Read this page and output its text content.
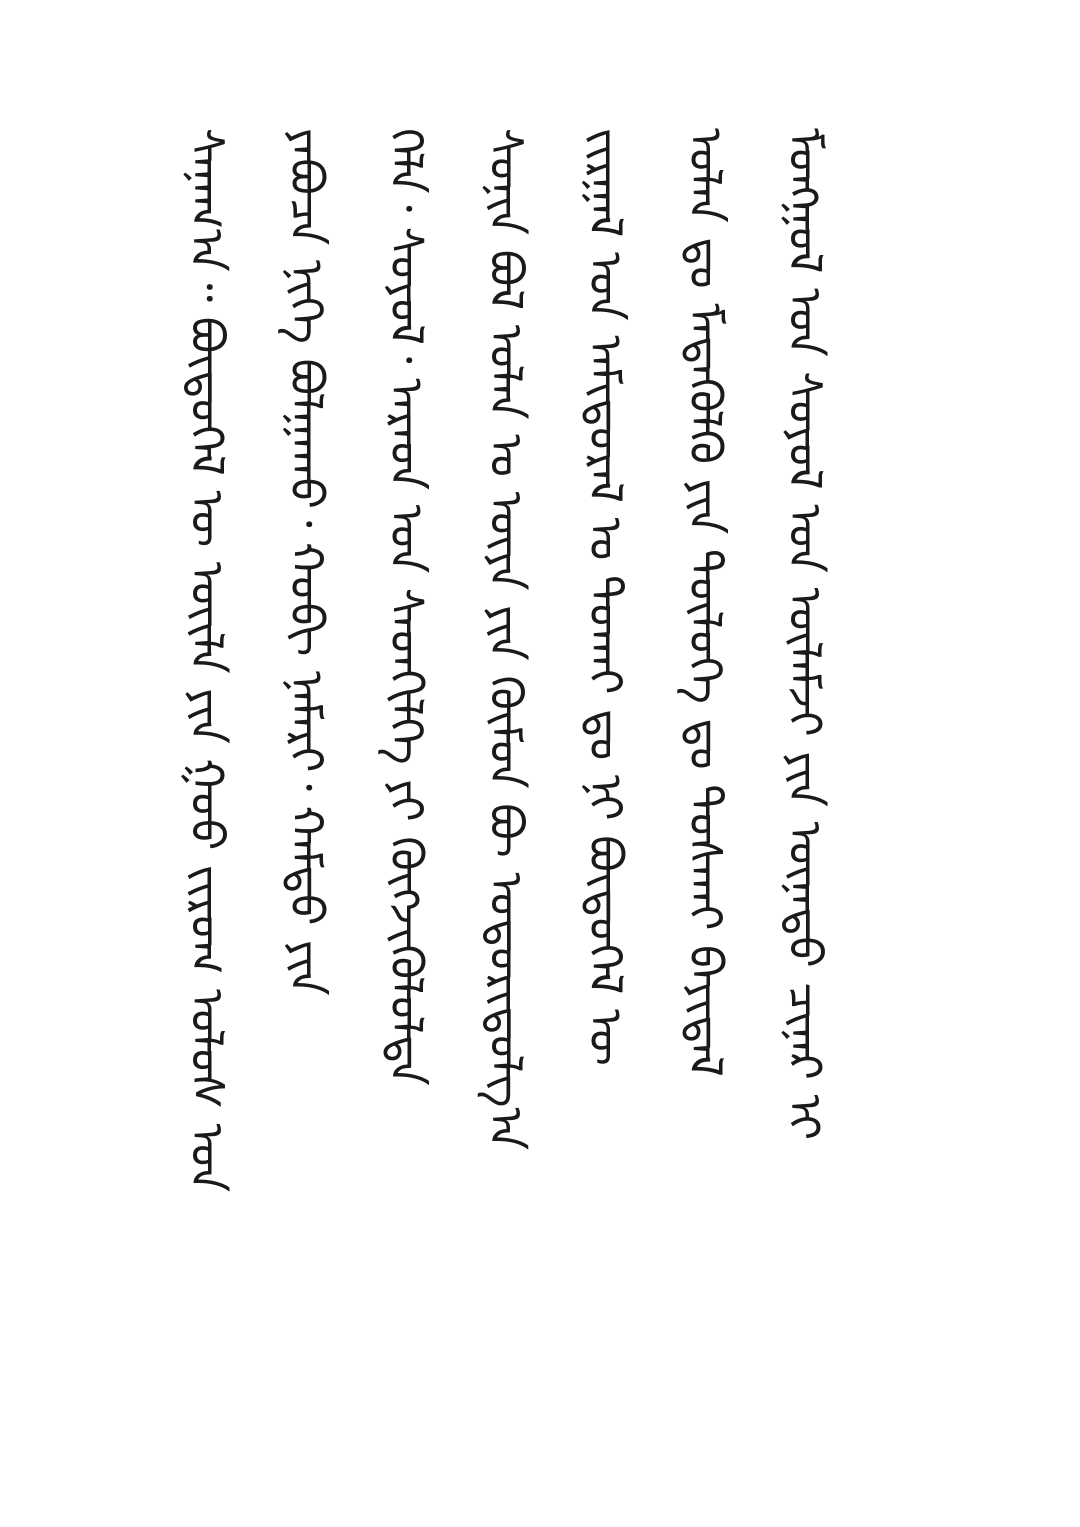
ᠮᠣᠩᠭᠣᠯ ᠤᠨ ᠰᠣᠶᠣᠯ ᠤᠨ ᠦᠯᠡᠮᠵᠢ ᠶᠢᠨ ᠦᠨᠡᠳᠦ ᠴᠢᠨᠠᠷ ᠢ
ᠣᠯᠠᠨ ᠳᠤ ᠮᠡᠳᠡᠭᠦᠯᠬᠦ ᠶᠢᠨ ᠲᠥᠯᠥᠭᠡ ᠳᠤ ᠲᠤᠰᠬᠠᠢ ᠪᠠᠶᠢᠳᠠᠯ
ᠵᠢᠷᠭᠠᠯ ᠤᠨ ᠠᠮᠢᠳᠤᠷᠠᠯ ᠤ ᠲᠤᠬᠠᠢ ᠳᠤ ᠨᠢ ᠪᠦᠲᠦᠭᠡᠯ ᠦ
ᠰᠣᠨᠢᠨ ᠪᠣᠯ ᠣᠯᠠᠨ ᠤ ᠦᠶᠡ ᠶᠢᠨ ᠬᠦᠮᠦᠨ ᠪᠦ ᠤᠳᠤᠷᠢᠳᠤᠯᠭ᠎ᠠ
ᠬᠡᠯᠡ᠂ ᠰᠣᠶᠣᠯ᠂ ᠠᠷᠠᠳ ᠤᠨ ᠰᠡᠳᠬᠢᠯᠭᠡ ᠶᠢ ᠬᠥᠭᠵᠢᠭᠦᠯᠦᠯᠲᠡ
ᠶᠠᠪᠤᠴᠠ ᠨᠢᠭᠡ ᠪᠣᠯᠭᠠᠬᠤ᠂ ᠬᠤᠪᠢ ᠨᠡᠮᠡᠷᠢ᠂ ᠬᠠᠮᠲᠤ ᠶᠢᠨ
ᠰᠠᠨᠠᠭ᠎ᠠ᠃ ᠪᠦᠲᠦᠭᠡᠯ ᠦ ᠦᠢᠯᠡ ᠶᠢᠨ ᠭᠣᠣ ᠵᠢᠷᠤᠭ ᠤᠯᠤᠰ ᠤᠨ
